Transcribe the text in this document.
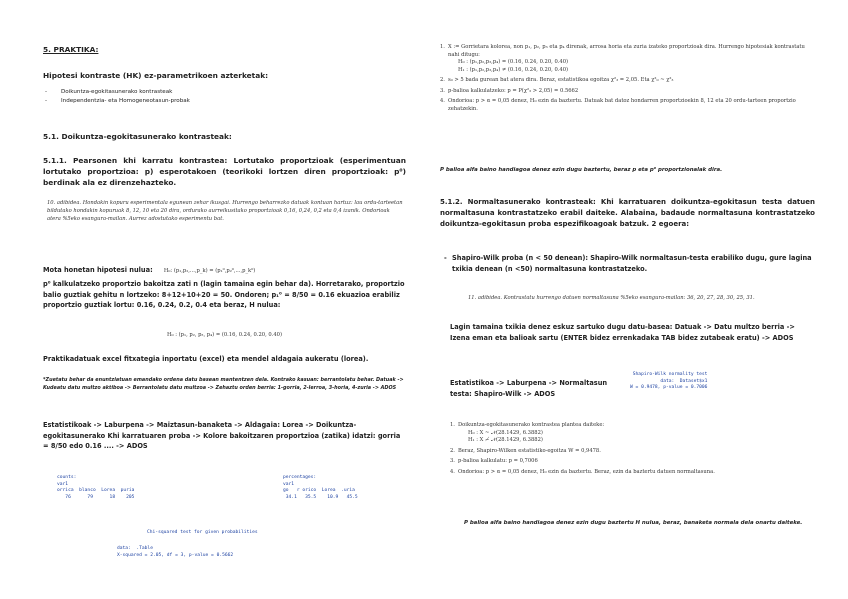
5. PRAKTIKA:
Hipotesi kontraste (HK) ez-parametrikoen azterketak:
- Doikuntza-egokitasunerako kontrasteak
- Independentzia- eta Homogeneotasun-probak
5.1. Doikuntza-egokitasunerako kontrasteak:
5.1.1. Pearsonen khi karratu kontrastea: Lortutako proportzioak (esperimentuan lortutako proportzioa: p) esperotakoen (teorikoki lortzen diren proportzioak: p⁰) berdinak ala ez direnzehazteko.
10. adibidea. Hondakin kopuru esperimentala egunean zehar ikusgai. Hurrengo beharrezko datuak kontuan hartuz: lau ordu-tarteetan bildutako hondakin kopuruak 8, 12, 10 eta 20 dira, ordurako aurreikusitako proportzioak 0,16, 0,24, 0,2 eta 0,4 izanik. Ondorioak atera %5eko esangura-mailan. Aurrez adostutako esperimentu bat.
Mota honetan hipotesi nulua: H₀: (p₁,p₂,...,p_k) = (p₁⁰,p₂⁰,...,p_k⁰)
p⁰ kalkulatzeko proportzio bakoitza zati n (lagin tamaina egin behar da). Horretarako, proportzio balio guztiak gehitu n lortzeko: 8+12+10+20 = 50. Ondoren; p₁⁰ = 8/50 = 0.16 ekuazioa erabiliz proportzio guztiak lortu: 0.16, 0.24, 0.2, 0.4 eta beraz, H nulua:
H₀ : (p₁, p₂, p₃, p₄) = (0.16, 0.24, 0.20, 0.40)
Praktikadatuak excel fitxategia inportatu (excel) eta mendel aldagaia aukeratu (lorea).
*Zuetatu behar da enuntziatuan emandako ordena datu basean mantentzen dela. Kontrako kasuan: berrantolatu behar. Datuak -> Kudeatu datu multzo aktiboa -> Berrantolatu datu multzoa -> Zehaztu orden berria: 1-gorria, 2-lerroa, 3-horia, 4-zuria -> ADOS
Estatistikoak -> Laburpena -> Maiztasun-banaketa -> Aldagaia: Lorea -> Doikuntza-egokitasunerako Khi karratuaren proba -> Kolore bakoitzaren proportzioa (zatika) idatzi: gorria = 8/50 edo 0.16 .... -> ADOS
counts:
var1
orrica  blanco  Lorea  puria
76      79      18    205
percentages:
var1
go   r orico  Lorea  .uria
34.1   35.5    10.9   45.5
Chi-squared test for given probabilities
data:  .Table
X-squared = 2.05, df = 3, p-value = 0.5662
1. X := Gorrietara kolorea, non p₁, p₂, p₃ eta p₄ direnak, arrosa horia eta zuria izateko proportzioak dira. Hurrengo hipotesiak kontrastatu nahi ditugu:
H₀ : (p₁,p₂,p₃,p₄) = (0.16, 0.24, 0.20, 0.40)
H₁ : (p₁,p₂,p₃,p₄) ≠ (0.16, 0.24, 0.20, 0.40)
2. s₀ > 5 bada gurean bat atera dira. Beraz, estatistikoa egoitza χ²₃ = 2,05. Eta χ²₀ ~ χ²₃
3. p-balioa kalkulatzeko: p = P(χ²₃ > 2,05) = 0.5662
4. Ondorioa: p > α = 0,05 denez, H₀ ezin da baztertu. Datuak bat datoz hondarren proportzioekin 8, 12 eta 20 ordu-tarteen proportzio zehatzekin.
P balioa alfa baino handiagoa denez ezin dugu baztertu, beraz p eta p⁰ proportzionalak dira.
5.1.2. Normaltasunerako kontrasteak: Khi karratuaren doikuntza-egokitasun testa datuen normaltasuna kontrastatzeko erabil daiteke. Alabaina, badaude normaltasuna kontrastatzeko doikuntza-egokitasun proba espezifikoagoak batzuk. 2 egoera:
- Shapiro-Wilk proba (n < 50 denean): Shapiro-Wilk normaltasun-testa erabiliko dugu, gure lagina txikia denean (n <50) normaltasuna kontrastatzeko.
11. adibidea. Kontrastatu hurrengo datuen normaltasuna %5eko esangura-mailan: 36, 20, 27, 28, 30, 25, 31.
Lagin tamaina txikia denez eskuz sartuko dugu datu-basea: Datuak -> Datu multzo berria -> Izena eman eta balioak sartu (ENTER bidez errenkadaka TAB bidez zutabeak eratu) -> ADOS
Estatistikoa -> Laburpena -> Normaltasun testa: Shapiro-Wilk -> ADOS
Shapiro-Wilk normality test
data:  Dataset$x1
W = 0.9478, p-value = 0.7006
1. Doikuntza-egokitasunerako kontrastea plantea daiteke:
H₀ : X ~ 𝒩(28.1429, 6.3882)
H₁ : X ≁ 𝒩(28.1429, 6.3882)
2. Beraz, Shapiro-Wilken estatistiko-egoitza W = 0,9478.
3. p-balioa kalkulatu: p = 0,7006
4. Ondorioa: p > α = 0,05 denez, H₀ ezin da baztertu. Beraz, ezin da baztertu datuen normaltasuna.
P balioa alfa baino handiagoa denez ezin dugu baztertu H nulua, beraz, banaketa normala dela onartu daiteke.
